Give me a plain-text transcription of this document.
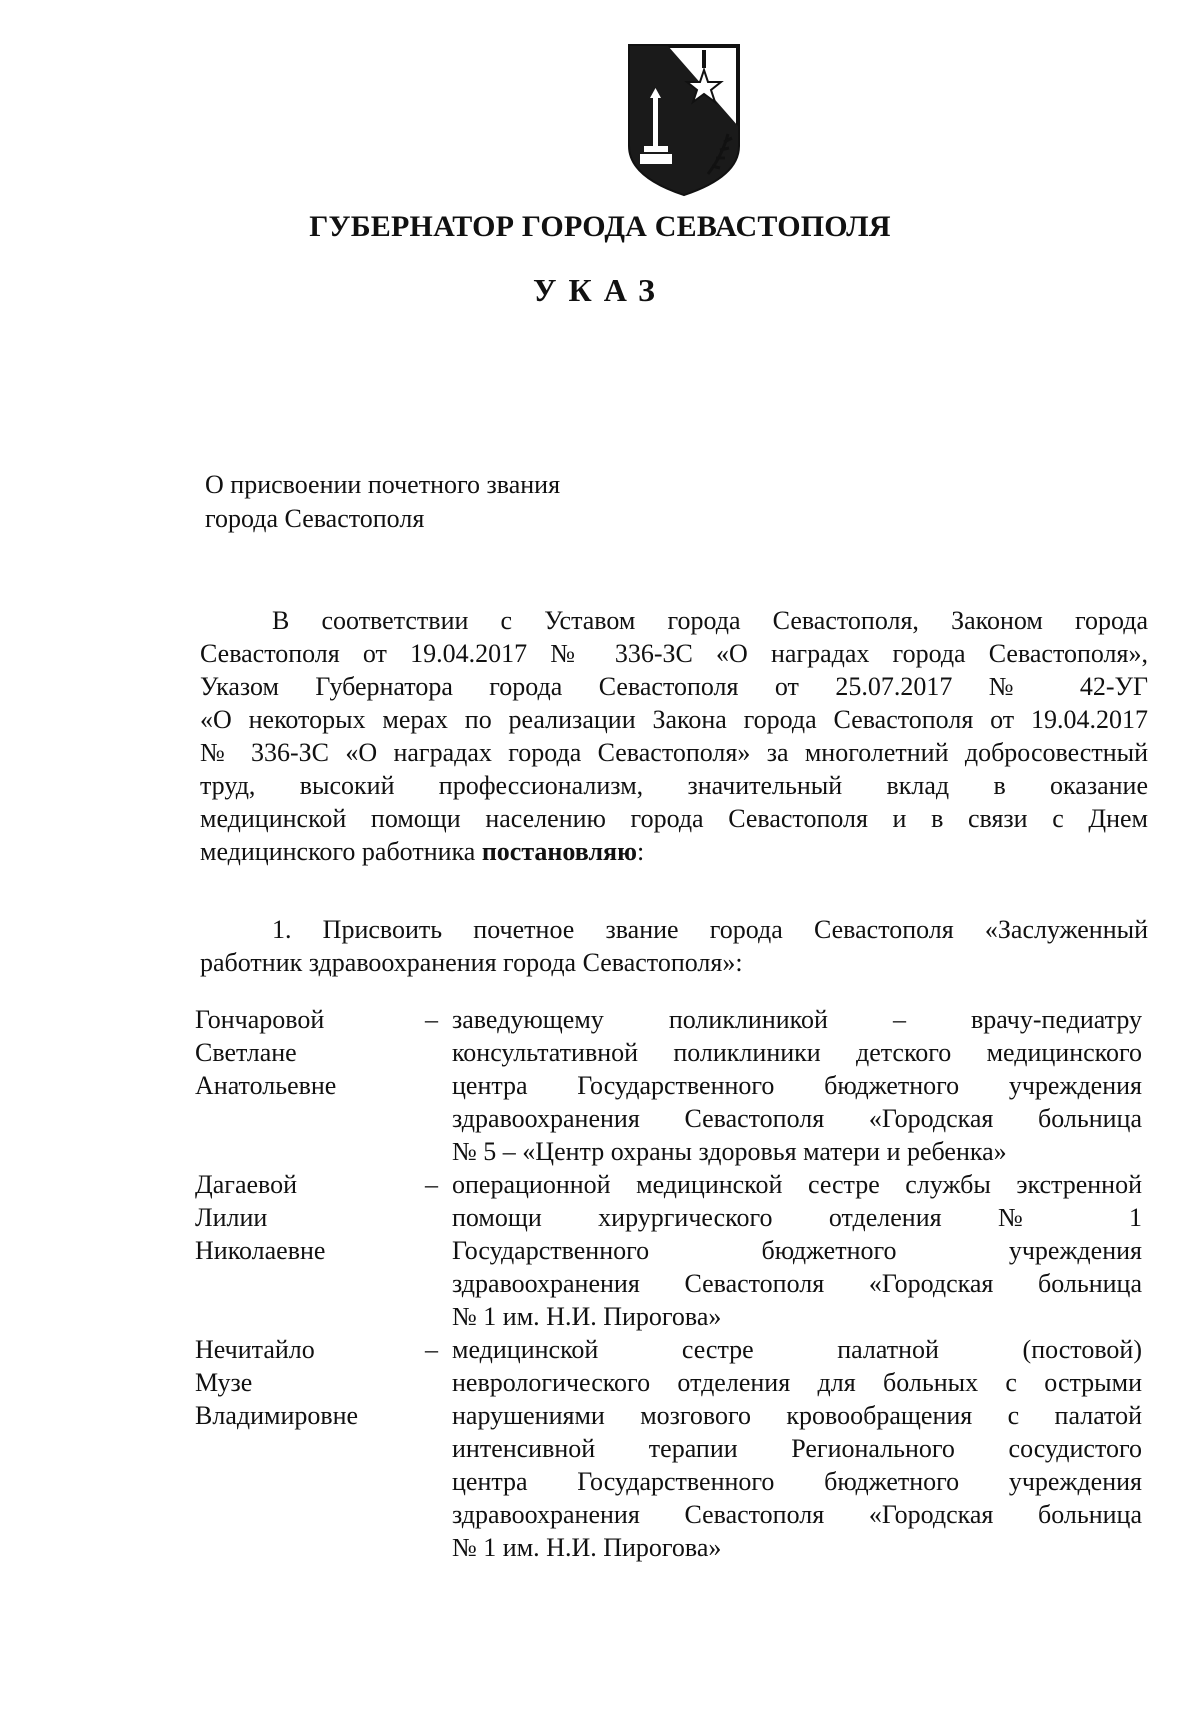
ГУБЕРНАТОР ГОРОДА СЕВАСТОПОЛЯ
УКАЗ
О присвоении почетного звания
города Севастополя
В соответствии с Уставом города Севастополя, Законом города
Севастополя от 19.04.2017 № 336-ЗС «О наградах города Севастополя»,
Указом Губернатора города Севастополя от 25.07.2017 № 42-УГ
«О некоторых мерах по реализации Закона города Севастополя от 19.04.2017
№ 336-ЗС «О наградах города Севастополя» за многолетний добросовестный
труд, высокий профессионализм, значительный вклад в оказание
медицинской помощи населению города Севастополя и в связи с Днем
медицинского работника постановляю:
1. Присвоить почетное звание города Севастополя «Заслуженный
работник здравоохранения города Севастополя»:
Гончаровой
Светлане
Анатольевне
– заведующему поликлиникой – врачу-педиатру
консультативной поликлиники детского медицинского
центра Государственного бюджетного учреждения
здравоохранения Севастополя «Городская больница
№ 5 – «Центр охраны здоровья матери и ребенка»
Дагаевой
Лилии
Николаевне
– операционной медицинской сестре службы экстренной
помощи хирургического отделения № 1
Государственного бюджетного учреждения
здравоохранения Севастополя «Городская больница
№ 1 им. Н.И. Пирогова»
Нечитайло
Музе
Владимировне
– медицинской сестре палатной (постовой)
неврологического отделения для больных с острыми
нарушениями мозгового кровообращения с палатой
интенсивной терапии Регионального сосудистого
центра Государственного бюджетного учреждения
здравоохранения Севастополя «Городская больница
№ 1 им. Н.И. Пирогова»
